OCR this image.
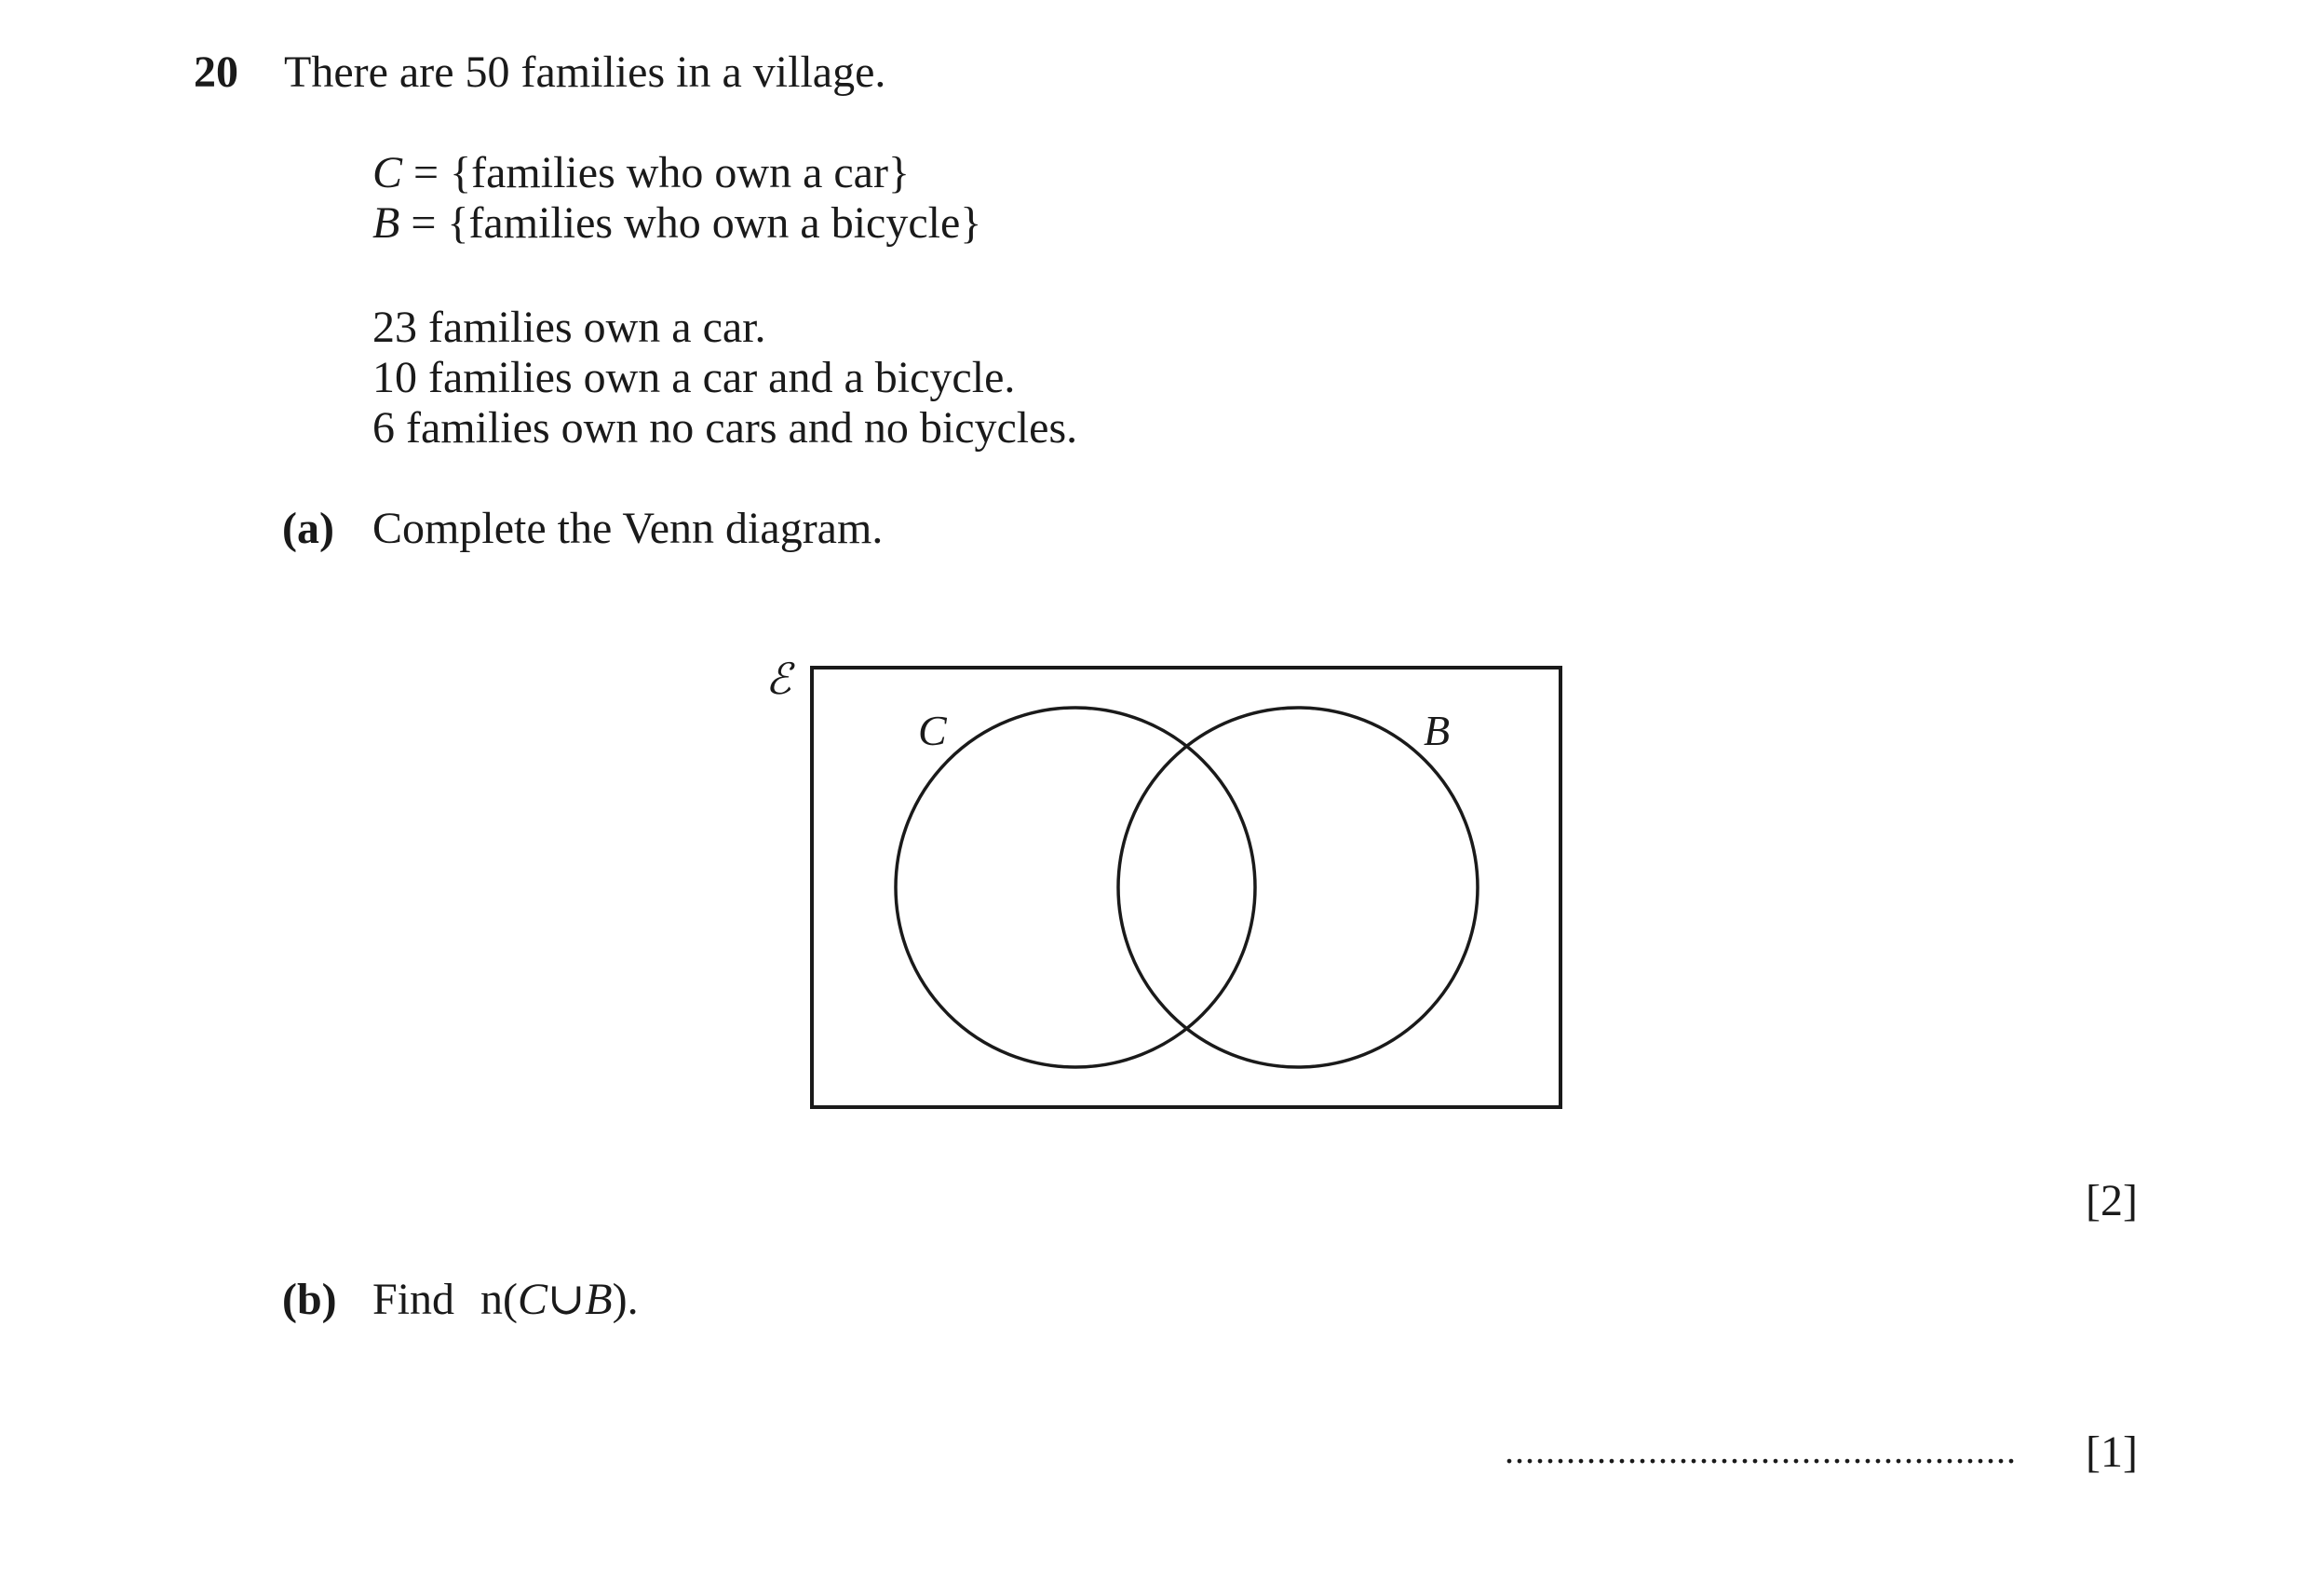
20 There are 50 families in a village.
C = {families who own a car}
B = {families who own a bicycle}
23 families own a car.
10 families own a car and a bicycle.
6 families own no cars and no bicycles.
(a) Complete the Venn diagram.
ℰ
C	B
[2]
(b) Find n(C∪B).
..................................................	[1]
